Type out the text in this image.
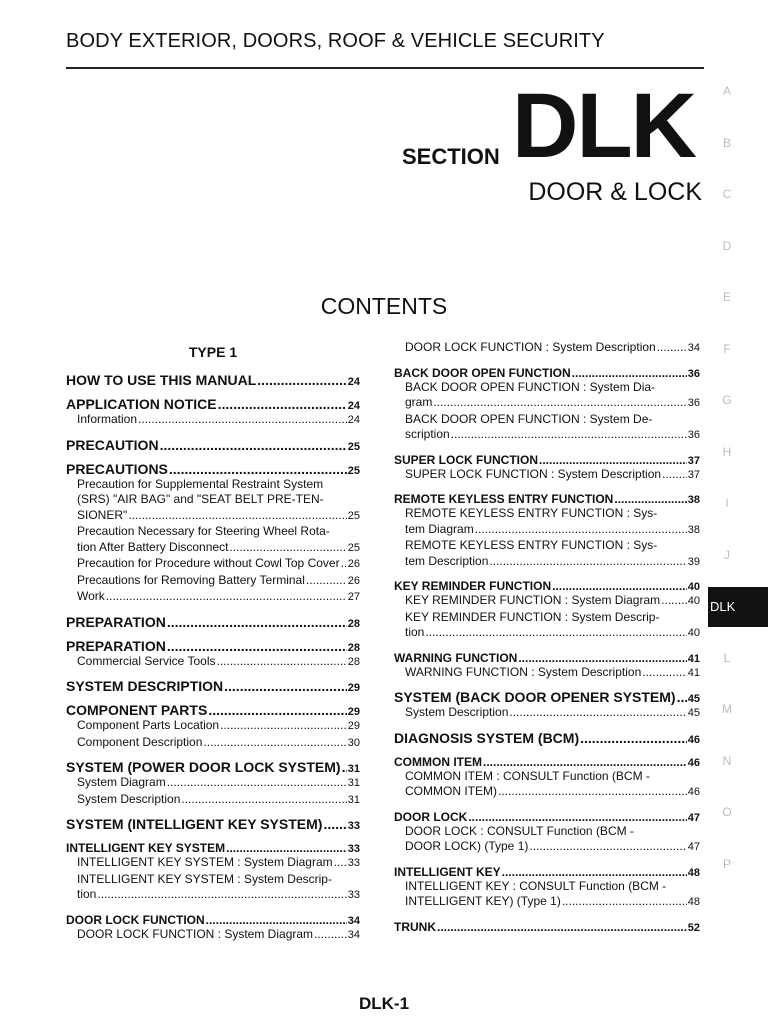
BODY EXTERIOR, DOORS, ROOF & VEHICLE SECURITY
SECTION DLK
DOOR & LOCK
CONTENTS
TYPE 1
HOW TO USE THIS MANUAL .....	24
APPLICATION NOTICE .....	24
Information .....	24
PRECAUTION .....	25
PRECAUTIONS .....	25
Precaution for Supplemental Restraint System
(SRS) "AIR BAG" and "SEAT BELT PRE-TEN-
SIONER" .....	25
Precaution Necessary for Steering Wheel Rota-
tion After Battery Disconnect .....	25
Precaution for Procedure without Cowl Top Cover ..... 26
Precautions for Removing Battery Terminal .....	26
Work .....	27
PREPARATION .....	28
PREPARATION .....	28
Commercial Service Tools .....	28
SYSTEM DESCRIPTION .....	29
COMPONENT PARTS .....	29
Component Parts Location .....	29
Component Description .....	30
SYSTEM (POWER DOOR LOCK SYSTEM) ..... 31
System Diagram .....	31
System Description .....	31
SYSTEM (INTELLIGENT KEY SYSTEM) ..... 33
INTELLIGENT KEY SYSTEM .....	33
INTELLIGENT KEY SYSTEM : System Diagram ..... 33
INTELLIGENT KEY SYSTEM : System Descrip-
tion .....	33
DOOR LOCK FUNCTION .....	34
DOOR LOCK FUNCTION : System Diagram .....	34
DOOR LOCK FUNCTION : System Description .....	34
BACK DOOR OPEN FUNCTION .....	36
BACK DOOR OPEN FUNCTION : System Dia-
gram .....	36
BACK DOOR OPEN FUNCTION : System De-
scription .....	36
SUPER LOCK FUNCTION .....	37
SUPER LOCK FUNCTION : System Description ..... 37
REMOTE KEYLESS ENTRY FUNCTION .....	38
REMOTE KEYLESS ENTRY FUNCTION : Sys-
tem Diagram .....	38
REMOTE KEYLESS ENTRY FUNCTION : Sys-
tem Description .....	39
KEY REMINDER FUNCTION .....	40
KEY REMINDER FUNCTION : System Diagram .....	40
KEY REMINDER FUNCTION : System Descrip-
tion .....	40
WARNING FUNCTION .....	41
WARNING FUNCTION : System Description .....	41
SYSTEM (BACK DOOR OPENER SYSTEM) ..... 45
System Description .....	45
DIAGNOSIS SYSTEM (BCM) .....	46
COMMON ITEM .....	46
COMMON ITEM : CONSULT Function (BCM -
COMMON ITEM) .....	46
DOOR LOCK .....	47
DOOR LOCK : CONSULT Function (BCM -
DOOR LOCK) (Type 1) .....	47
INTELLIGENT KEY .....	48
INTELLIGENT KEY : CONSULT Function (BCM -
INTELLIGENT KEY) (Type 1) .....	48
TRUNK .....	52
A
B
C
D
E
F
G
H
I
J
DLK
L
M
N
O
P
DLK-1
